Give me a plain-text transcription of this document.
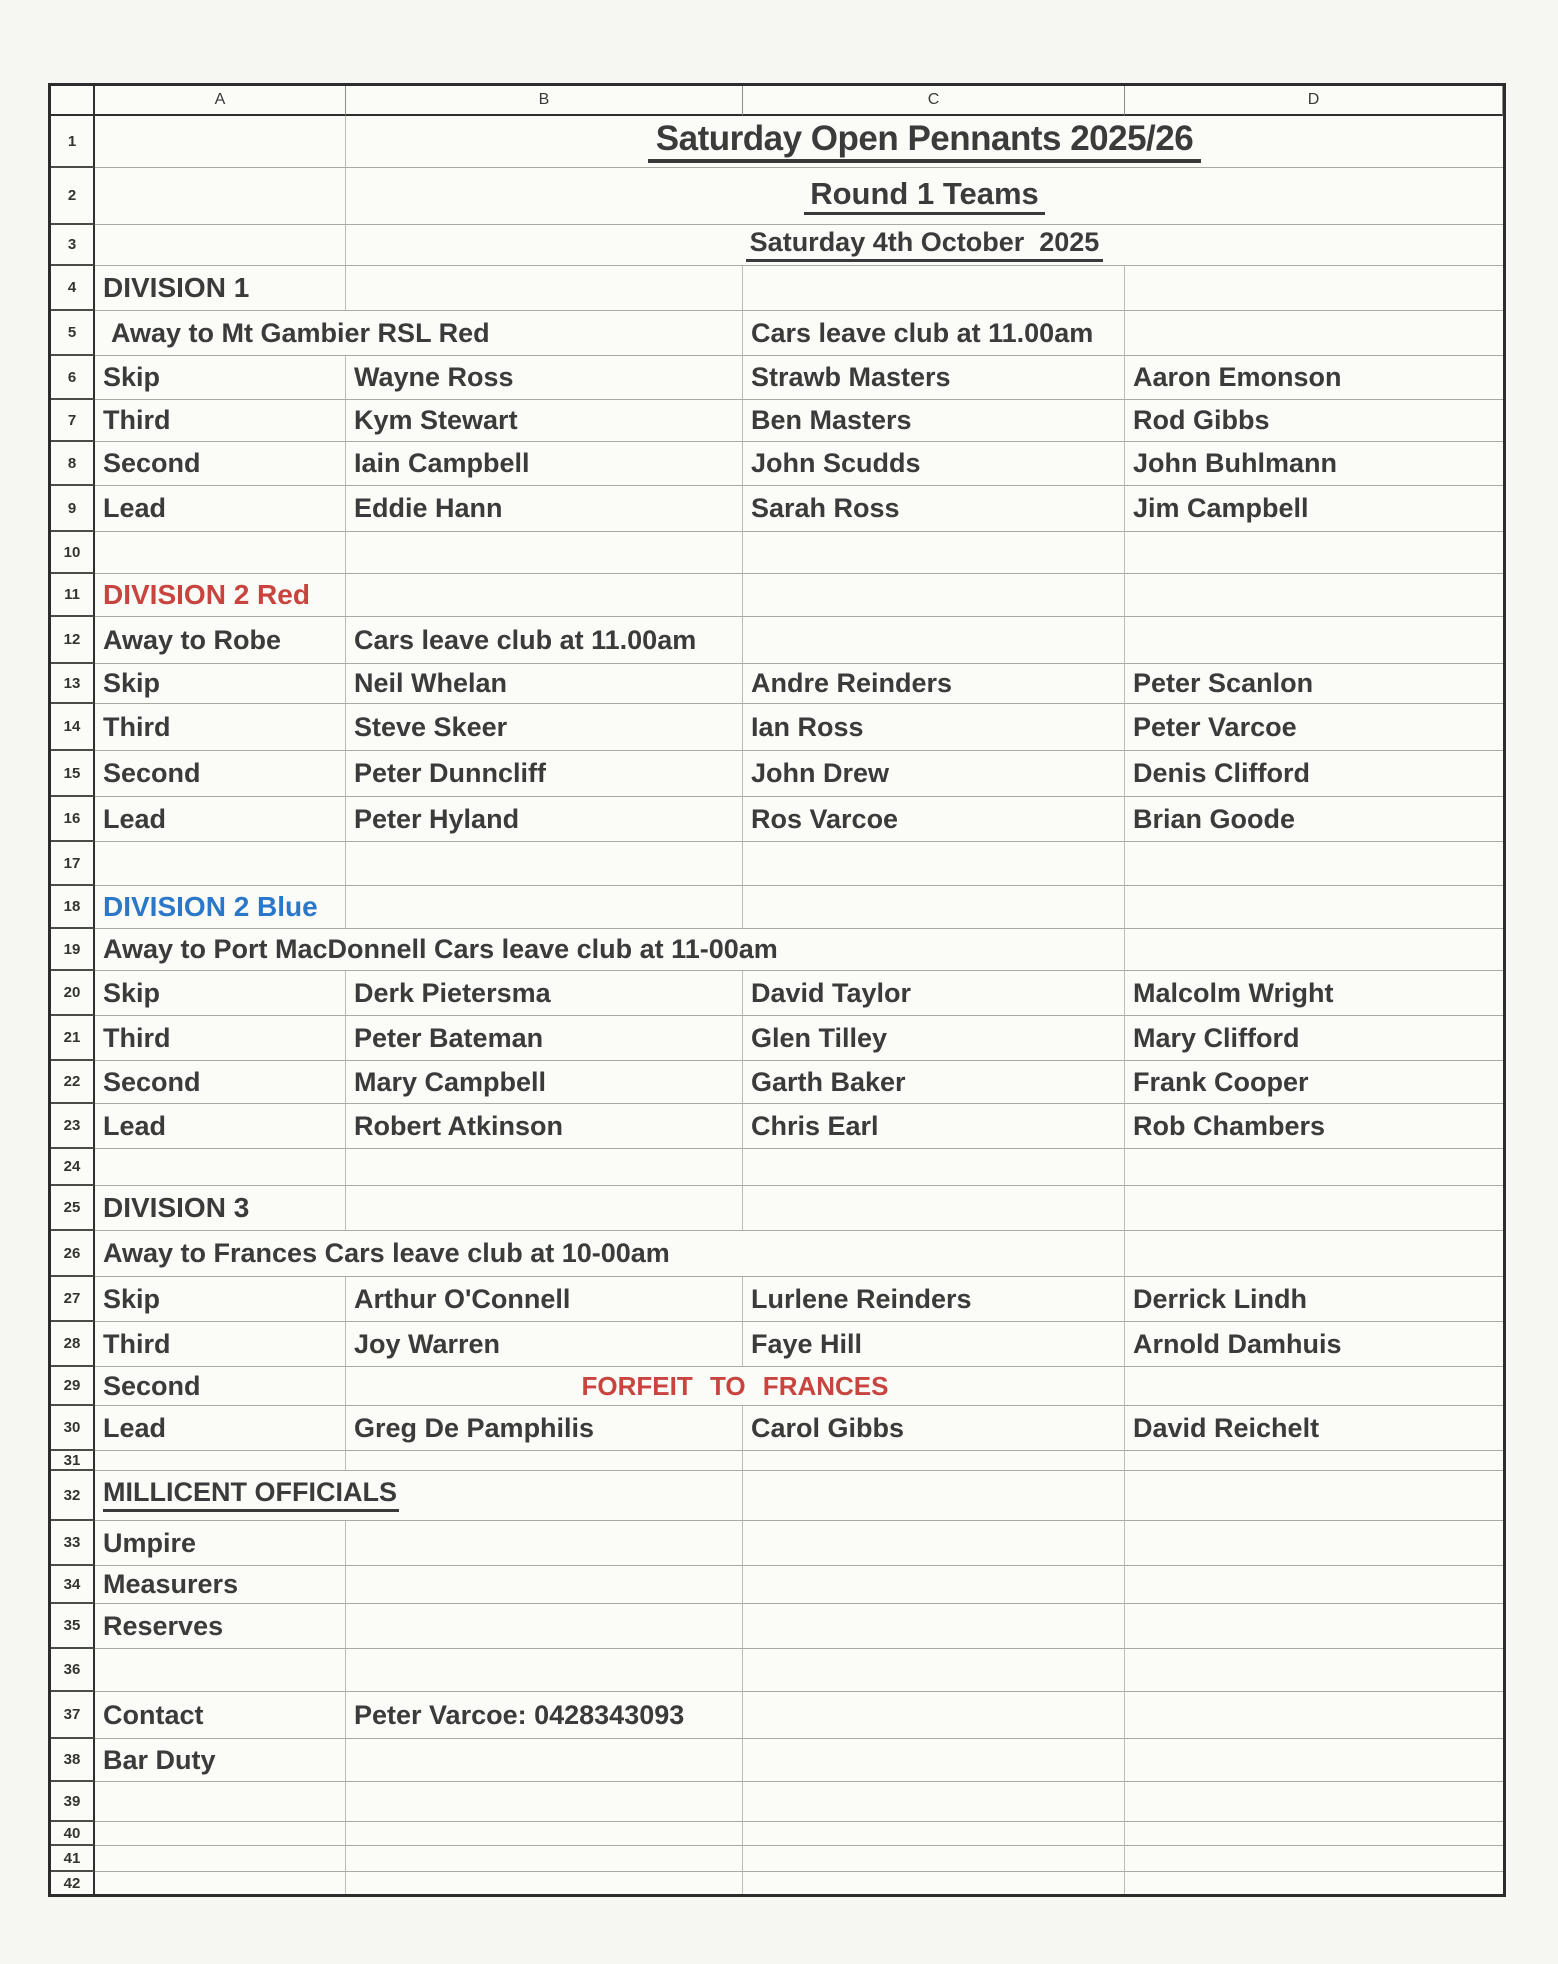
A	B	C	D
1	Saturday Open Pennants 2025/26
2	Round 1 Teams
3	Saturday 4th October  2025
4 DIVISION 1
5	Away to Mt Gambier RSL Red	Cars leave club at 11.00am
6 Skip	Wayne Ross	Strawb Masters	Aaron Emonson
7 Third	Kym Stewart	Ben Masters	Rod Gibbs
8 Second	Iain Campbell	John Scudds	John Buhlmann
9 Lead	Eddie Hann	Sarah Ross	Jim Campbell
10
11 DIVISION 2 Red
12 Away to Robe	Cars leave club at 11.00am
13 Skip	Neil Whelan	Andre Reinders	Peter Scanlon
14 Third	Steve Skeer	Ian Ross	Peter Varcoe
15 Second	Peter Dunncliff	John Drew	Denis Clifford
16 Lead	Peter Hyland	Ros Varcoe	Brian Goode
17
18 DIVISION 2 Blue
19 Away to Port MacDonnell Cars leave club at 11-00am
20 Skip	Derk Pietersma	David Taylor	Malcolm Wright
21 Third	Peter Bateman	Glen Tilley	Mary Clifford
22 Second	Mary Campbell	Garth Baker	Frank Cooper
23 Lead	Robert Atkinson	Chris Earl	Rob Chambers
24
25 DIVISION 3
26 Away to Frances Cars leave club at 10-00am
27 Skip	Arthur O'Connell	Lurlene Reinders	Derrick Lindh
28 Third	Joy Warren	Faye Hill	Arnold Damhuis
29 Second	FORFEIT TO FRANCES
30 Lead	Greg De Pamphilis	Carol Gibbs	David Reichelt
31
32 MILLICENT OFFICIALS
33 Umpire
34 Measurers
35 Reserves
36
37 Contact	Peter Varcoe: 0428343093
38 Bar Duty
39
40
41
42
